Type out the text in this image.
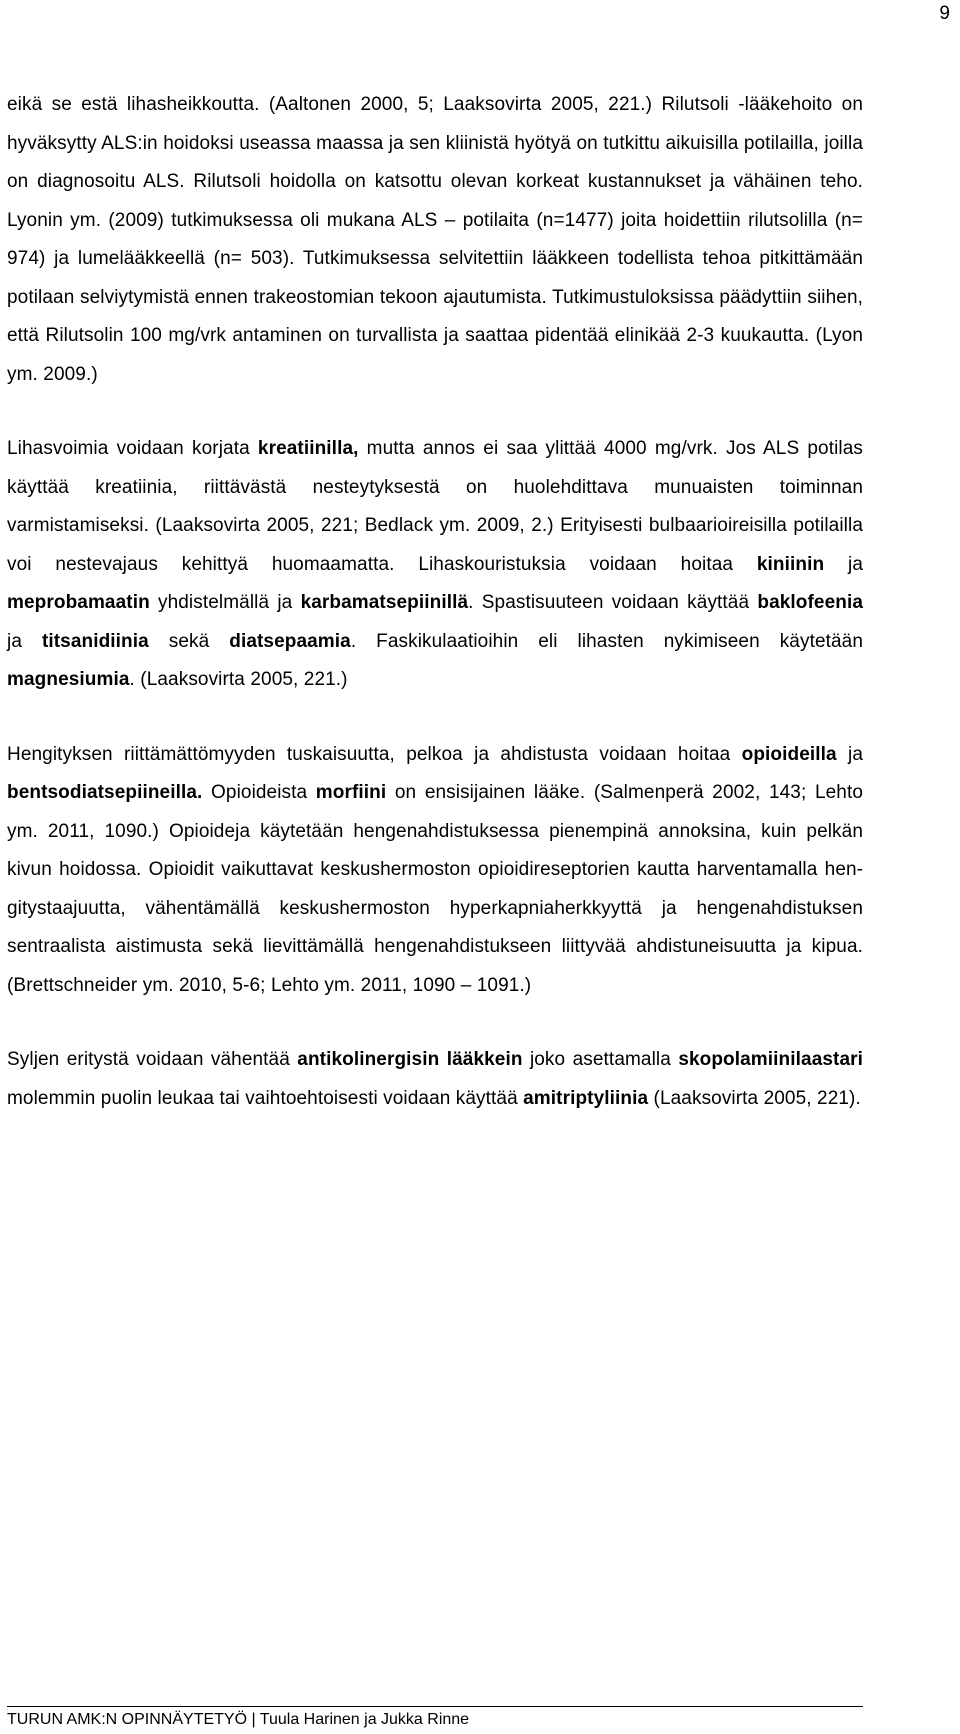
9

eikä se estä lihasheikkoutta. (Aaltonen 2000, 5; Laaksovirta 2005, 221.) Rilutsoli -lääkehoito on hyväksytty ALS:in hoidoksi useassa maassa ja sen kliinistä hyötyä on tutkittu aikuisilla potilailla, joilla on diagnosoitu ALS. Rilutsoli hoidolla on katsottu olevan korkeat kustannukset ja vähäinen teho. Lyonin ym. (2009) tutkimuksessa oli mukana ALS – potilaita (n=1477) joita hoidettiin rilutsolilla (n= 974) ja lumelääkkeellä (n= 503). Tutkimuksessa selvitettiin lääkkeen todellista tehoa pitkittämään potilaan selviytymistä ennen trakeostomian tekoon ajautumista. Tutkimustuloksissa päädyttiin siihen, että Rilutsolin 100 mg/vrk antaminen on turvallista ja saattaa pidentää elinikää 2-3 kuukautta. (Lyon ym. 2009.)

Lihasvoimia voidaan korjata kreatiinilla, mutta annos ei saa ylittää 4000 mg/vrk. Jos ALS potilas käyttää kreatiinia, riittävästä nesteytyksestä on huolehdittava munuaisten toiminnan varmistamiseksi. (Laaksovirta 2005, 221; Bedlack ym. 2009, 2.) Erityisesti bulbaarioireisilla potilailla voi nestevajaus kehittyä huomaamatta. Lihaskouristuksia voidaan hoitaa kiniinin ja meprobamaatin yhdistelmällä ja karbamatsepiinillä. Spastisuuteen voidaan käyttää baklofeenia ja titsanidiinia sekä diatsepaamia. Faskikulaatioihin eli lihasten nykimiseen käytetään magnesiumia. (Laaksovirta 2005, 221.)

Hengityksen riittämättömyyden tuskaisuutta, pelkoa ja ahdistusta voidaan hoitaa opioideilla ja bentsodiatsepiineilla. Opioideista morfiini on ensisijainen lääke. (Salmenperä 2002, 143; Lehto ym. 2011, 1090.) Opioideja käytetään hengenahdistuksessa pienempinä annoksina, kuin pelkän kivun hoidossa. Opioidit vaikuttavat keskushermoston opioidireseptorien kautta harventamalla hengitystaajuutta, vähentämällä keskushermoston hyperkapniaherkkyyttä ja hengenahdistuksen sentraalista aistimusta sekä lievittämällä hengenahdistukseen liittyvää ahdistuneisuutta ja kipua. (Brettschneider ym. 2010, 5-6; Lehto ym. 2011, 1090 – 1091.)

Syljen eritystä voidaan vähentää antikolinergisin lääkkein joko asettamalla skopolamiinilaastari molemmin puolin leukaa tai vaihtoehtoisesti voidaan käyttää amitriptyliinia (Laaksovirta 2005, 221).

TURUN AMK:N OPINNÄYTETYÖ | Tuula Harinen ja Jukka Rinne
